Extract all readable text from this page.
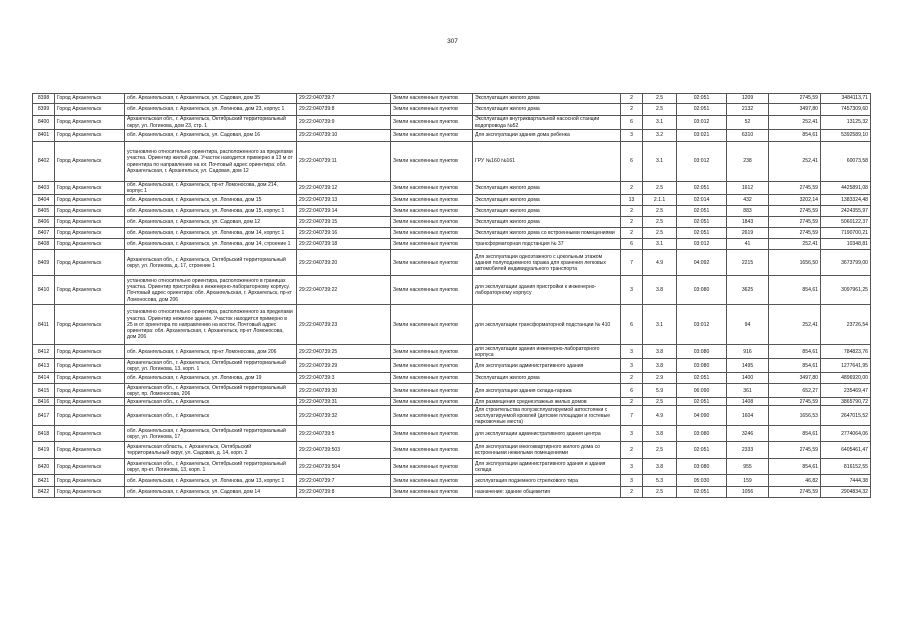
307
8398	Город Архангельск	обл. Архангельская, г. Архангельск, ул. Садовая, дом 35	29:22:040739:7	Земли населенных пунктов	Эксплуатация жилого дома	2	2.5	02:051	1209	2745,59	3484113,71
8399	Город Архангельск	обл. Архангельская, г. Архангельск, ул. Логинова, дом 23, корпус 1	29:22:040739:8	Земли населенных пунктов	Эксплуатация жилого дома	2	2.5	02:051	2132	3497,80	7457309,60
8400	Город Архангельск	Архангельская обл., г. Архангельск, Октябрьский территориальный округ, ул. Логинова, дом 23, стр. 1	29:22:040739:9	Земли населенных пунктов	Эксплуатация внутриквартальной насосной станции водопровода №52	6	3.1	03:012	52	252,41	13125,32
8401	Город Архангельск	обл. Архангельская, г. Архангельск, ул. Садовая, дом 16	29:22:040739:10	Земли населенных пунктов	Для эксплуатации здания дома ребенка	3	3.2	03:021	6310	854,61	5392589,10
8402	Город Архангельск	установлено относительно ориентира, расположенного за пределами участка. Ориентир жилой дом. Участок находится примерно в 13 м от ориентира по направлению на юг. Почтовый адрес ориентира: обл. Архангельская, г. Архангельск, ул. Садовая, дом 12	29:22:040739:11	Земли населенных пунктов	ГРУ №160 №161	6	3.1	03:012	238	252,41	60073,58
8403	Город Архангельск	обл. Архангельская, г. Архангельск, пр-кт Ломоносова, дом 214, корпус 1	29:22:040739:12	Земли населенных пунктов	Эксплуатация жилого дома	2	2.5	02:051	1612	2745,59	4425891,08
8404	Город Архангельск	обл. Архангельская, г. Архангельск, ул. Логинова, дом 15	29:22:040739:13	Земли населенных пунктов	Эксплуатация жилого дома	13	2.1.1	02:014	432	3202,14	1383324,48
8405	Город Архангельск	обл. Архангельская, г. Архангельск, ул. Логинова, дом 15, корпус 1	29:22:040739:14	Земли населенных пунктов	Эксплуатация жилого дома	2	2.5	02:051	883	2745,59	2424355,97
8406	Город Архангельск	обл. Архангельская, г. Архангельск, ул. Садовая, дом 12	29:22:040739:15	Земли населенных пунктов	Эксплуатация жилого дома	2	2.5	02:051	1843	2745,59	5060122,37
8407	Город Архангельск	обл. Архангельская, г. Архангельск, ул. Логинова, дом 14, корпус 1	29:22:040739:16	Земли населенных пунктов	Эксплуатация жилого дома со встроенными помещениями	2	2.5	02:051	2619	2745,59	7190700,21
8408	Город Архангельск	обл. Архангельская, г. Архангельск, ул. Логинова, дом 14, строение 1	29:22:040739:18	Земли населенных пунктов	трансформаторная подстанция № 37	6	3.1	03:012	41	252,41	10348,81
8409	Город Архангельск	Архангельская обл., г. Архангельск, Октябрьский территориальный округ, ул. Логинова, д. 17, строение 1	29:22:040739:20	Земли населенных пунктов	Для эксплуатации одноэтажного с цокольным этажом здания полуподземного гаража для хранения легковых автомобилей индивидуального транспорта	7	4.9	04:092	2215	1656,50	3673799,00
8410	Город Архангельск	установлено относительно ориентира, расположенного в границах участка. Ориентир пристройка к инженерно-лабораторному корпусу. Почтовый адрес ориентира: обл. Архангельская, г. Архангельск, пр-кт Ломоносова, дом 206	29:22:040739:22	Земли населенных пунктов	для эксплуатации здания пристройки к инженерно-лабораторному корпусу	3	3.8	03:080	3625	854,61	3097961,25
8411	Город Архангельск	установлено относительно ориентира, расположенного за пределами участка. Ориентир нежилое здание. Участок находится примерно в 25 м от ориентира по направлению на восток. Почтовый адрес ориентира: обл. Архангельская, г. Архангельск, пр-кт Ломоносова, дом 206	29:22:040739:23	Земли населенных пунктов	для эксплуатации трансформаторной подстанции № 410	6	3.1	03:012	94	252,41	23726,54
8412	Город Архангельск	обл. Архангельская, г. Архангельск, пр-кт Ломоносова, дом 206	29:22:040739:25	Земли населенных пунктов	для эксплуатации здания инженерно-лабораторного корпуса	3	3.8	03:080	916	854,61	784823,76
8413	Город Архангельск	Архангельская обл., г. Архангельск, Октябрьский территориальный округ, ул. Логинова, 13, корп. 1	29:22:040739:29	Земли населенных пунктов	Для эксплуатации административного здания	3	3.8	03:080	1495	854,61	1277641,95
8414	Город Архангельск	обл. Архангельская, г. Архангельск, ул. Логинова, дом 19	29:22:040739:3	Земли населенных пунктов	Эксплуатация жилого дома	2	2.9	02:051	1400	3497,80	4896920,00
8415	Город Архангельск	Архангельская обл., г. Архангельск, Октябрьский территориальный округ, пр. Ломоносова, 206	29:22:040739:30	Земли населенных пунктов	Для эксплуатации здания склада-гаража	6	5.9	06:090	361	652,27	235469,47
8416	Город Архангельск	Архангельская обл., г. Архангельск	29:22:040739:31	Земли населенных пунктов	Для размещения среднеэтажных жилых домов	2	2.5	02:051	1408	2745,59	3865790,72
8417	Город Архангельск	Архангельская обл., г. Архангельск	29:22:040739:32	Земли населенных пунктов	Для строительства полуэксплуатируемой автостоянки с эксплуатируемой кровлей (детские площадки и гостевые парковочные места)	7	4.9	04:090	1604	1656,53	2647015,52
8418	Город Архангельск	обл. Архангельская, г. Архангельск, Октябрьский территориальный округ, ул. Логинова, 17	29:22:040739:5	Земли населенных пунктов	для эксплуатации административного здания центра	3	3.8	03:080	3246	854,61	2774064,06
8419	Город Архангельск	Архангельская область, г. Архангельск, Октябрьский территориальный округ, ул. Садовая, д. 14, корп. 2	29:22:040739:503	Земли населенных пунктов	Для эксплуатации многоквартирного жилого дома со встроенными нежилыми помещениями	2	2.5	02:051	2333	2745,59	6405461,47
8420	Город Архангельск	Архангельская обл., г. Архангельск, Октябрьский территориальный округ, пр-кт. Логинова, 13, корп. 1	29:22:040739:504	Земли населенных пунктов	Для эксплуатации административного здания и здания склада	3	3.8	03:080	955	854,61	816152,55
8421	Город Архангельск	обл. Архангельская, г. Архангельск, ул. Логинова, дом 13, корпус 1	29:22:040739:7	Земли населенных пунктов	эксплуатация подземного стрелкового тира	3	5.3	05:030	159	46,82	7444,38
8422	Город Архангельск	обл. Архангельская, г. Архангельск, ул. Садовая, дом 14	29:22:040739:8	Земли населенных пунктов	назначение: здание общежития	2	2.5	02:051	1056	2745,59	2904834,32
